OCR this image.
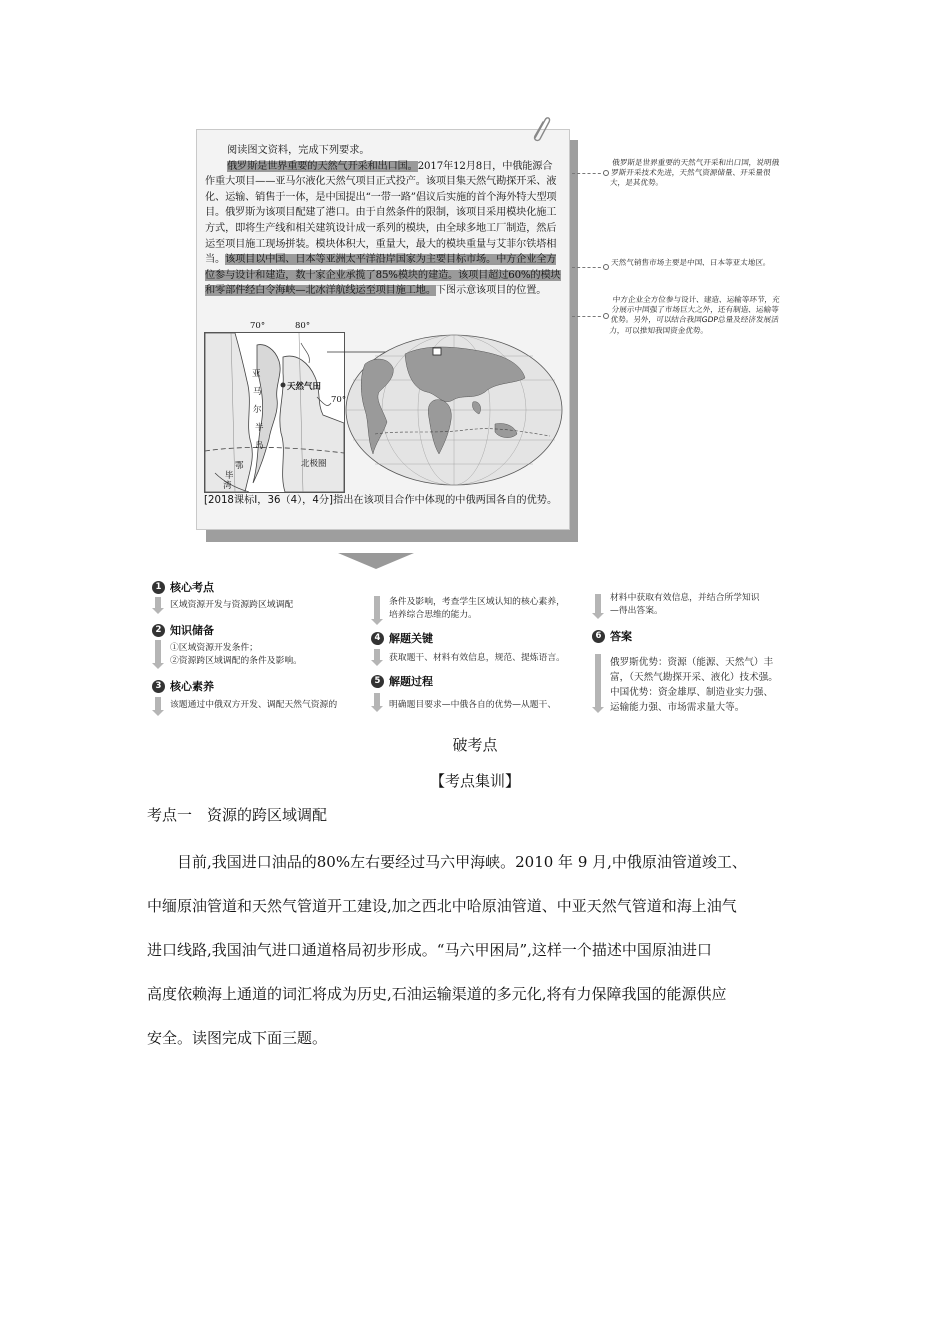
阅读图文资料，完成下列要求。

俄罗斯是世界重要的天然气开采和出口国。2017年12月8日，中俄能源合作重大项目——亚马尔液化天然气项目正式投产。该项目集天然气勘探开采、液化、运输、销售于一体，是中国提出“一带一路”倡议后实施的首个海外特大型项目。俄罗斯为该项目配建了港口。由于自然条件的限制，该项目采用模块化施工方式，即将生产线和相关建筑设计成一系列的模块，由全球多地工厂制造，然后运至项目施工现场拼装。模块体积大，重量大，最大的模块重量与艾菲尔铁塔相当。该项目以中国、日本等亚洲太平洋沿岸国家为主要目标市场。中方企业全方位参与设计和建造，数十家企业承揽了85%模块的建造。该项目超过60%的模块和零部件经白令海峡—北冰洋航线运至项目施工地。下图示意该项目的位置。

亚
马
尔
半
岛
天然气田
北极圈
鄂
毕
湾
70°	80°
70°
[2018课标Ⅰ，36（4），4分]指出在该项目合作中体现的中俄两国各自的优势。
俄罗斯是世界重要的天然气开采和出口国，说明俄罗斯开采技术先进，天然气资源储量、开采量很大，是其优势。
天然气销售市场主要是中国、日本等亚太地区。
中方企业全方位参与设计、建造、运输等环节，充分展示中国强了市场巨大之外，还有制造、运输等优势。另外，可以结合我国GDP总量及经济发展活力，可以推知我国资金优势。
1 核心考点
区域资源开发与资源跨区域调配
2 知识储备
①区域资源开发条件；
②资源跨区域调配的条件及影响。
3 核心素养
该题通过中俄双方开发、调配天然气资源的
条件及影响，考查学生区域认知的核心素养，
培养综合思维的能力。
4 解题关键
获取题干、材料有效信息，规范、提炼语言。
5 解题过程
明确题目要求—中俄各自的优势—从题干、
材料中获取有效信息，并结合所学知识
—得出答案。
6 答案
俄罗斯优势：资源（能源、天然气）丰
富，（天然气勘探开采、液化）技术强。
中国优势：资金雄厚、制造业实力强、
运输能力强、市场需求量大等。
破考点
【考点集训】
考点一　资源的跨区域调配
目前,我国进口油品的80%左右要经过马六甲海峡。2010 年 9 月,中俄原油管道竣工、
中缅原油管道和天然气管道开工建设,加之西北中哈原油管道、中亚天然气管道和海上油气
进口线路,我国油气进口通道格局初步形成。“马六甲困局”,这样一个描述中国原油进口
高度依赖海上通道的词汇将成为历史,石油运输渠道的多元化,将有力保障我国的能源供应
安全。读图完成下面三题。
